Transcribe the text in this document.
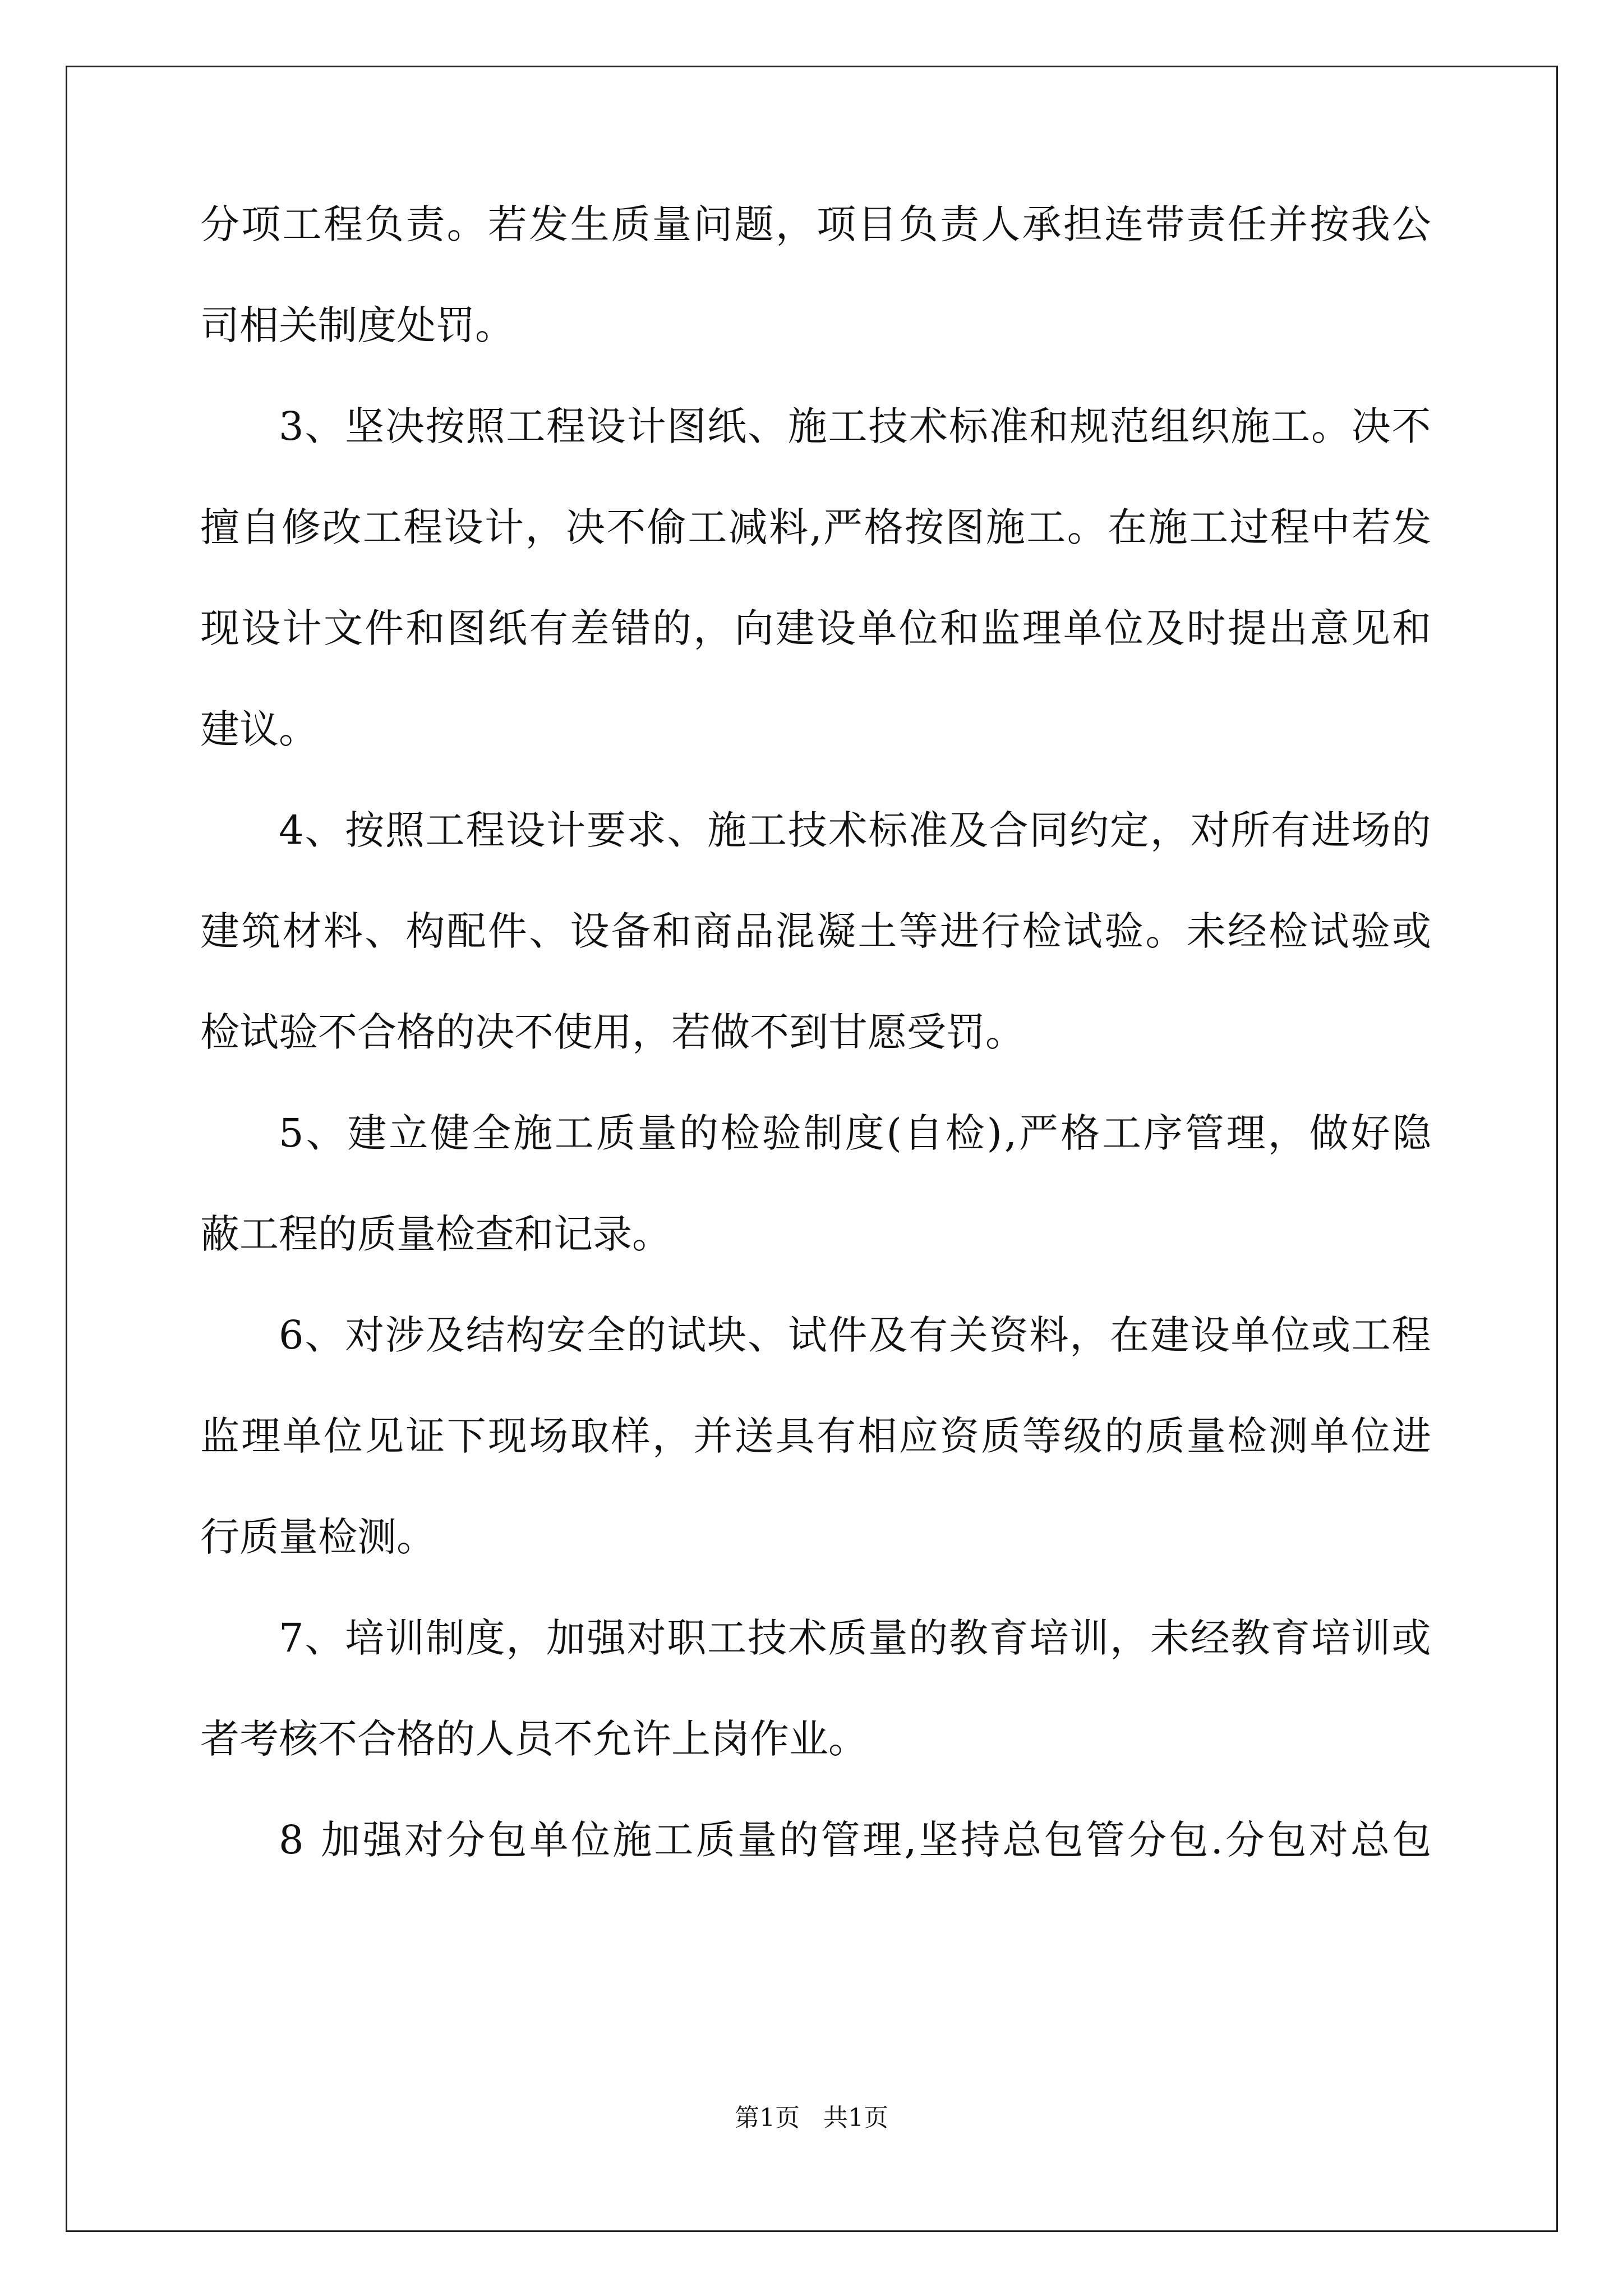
分项工程负责。若发生质量问题，项目负责人承担连带责任并按我公
司相关制度处罚。
3、坚决按照工程设计图纸、施工技术标准和规范组织施工。决不
擅自修改工程设计，决不偷工减料,严格按图施工。在施工过程中若发
现设计文件和图纸有差错的，向建设单位和监理单位及时提出意见和
建议。
4、按照工程设计要求、施工技术标准及合同约定，对所有进场的
建筑材料、构配件、设备和商品混凝土等进行检试验。未经检试验或
检试验不合格的决不使用，若做不到甘愿受罚。
5、建立健全施工质量的检验制度(自检),严格工序管理，做好隐
蔽工程的质量检查和记录。
6、对涉及结构安全的试块、试件及有关资料，在建设单位或工程
监理单位见证下现场取样，并送具有相应资质等级的质量检测单位进
行质量检测。
7、培训制度，加强对职工技术质量的教育培训，未经教育培训或
者考核不合格的人员不允许上岗作业。
8 加强对分包单位施工质量的管理,坚持总包管分包.分包对总包
第1页   共1页
